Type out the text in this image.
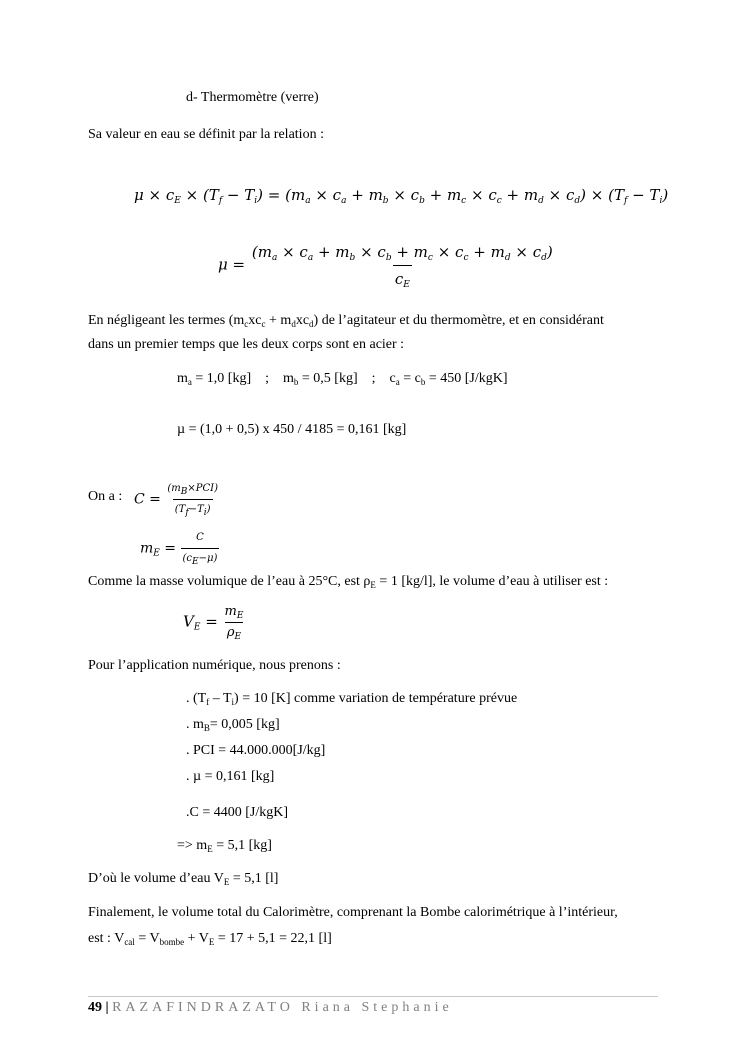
d- Thermomètre (verre)
Sa valeur en eau se définit par la relation :
$\mu \times c_E \times (T_f - T_i) = (m_a \times c_a + m_b \times c_b + m_c \times c_c + m_d \times c_d) \times (T_f - T_i)$
$\mu = \frac{(m_a \times c_a + m_b \times c_b + m_c \times c_c + m_d \times c_d)}{c_E}$
En négligeant les termes $(m_cxc_c + m_dxc_d)$ de l’agitateur et du thermomètre, et en considérant
dans un premier temps que les deux corps sont en acier :
$m_a = 1,0$ [kg] ; $m_b = 0,5$ [kg] ; $c_a = c_b = 450$ [J/kgK]
µ = (1,0 + 0,5) x 450 / 4185 = 0,161 [kg]
On a : $C = \frac{(m_B\times PCI)}{(T_f-T_i)}$
$m_E = \frac{C}{(c_E-\mu)}$
Comme la masse volumique de l’eau à 25°C, est $\rho_E = 1$ [kg/l], le volume d’eau à utiliser est :
$V_E = \frac{m_E}{\rho_E}$
Pour l’application numérique, nous prenons :
. $(T_f - T_i) = 10$ [K] comme variation de température prévue
. $m_B= 0,005$ [kg]
. PCI = 44.000.000[J/kg]
. µ = 0,161 [kg]
.C = 4400 [J/kgK]
=> $m_E = 5,1$ [kg]
D’où le volume d’eau $V_E = 5,1$ [l]
Finalement, le volume total du Calorimètre, comprenant la Bombe calorimétrique à l’intérieur,
est : $V_{cal} = V_{bombe} + V_E = 17 + 5,1 = 22,1$ [l]
49 | RAZAFINDRAZATO Riana Stephanie
